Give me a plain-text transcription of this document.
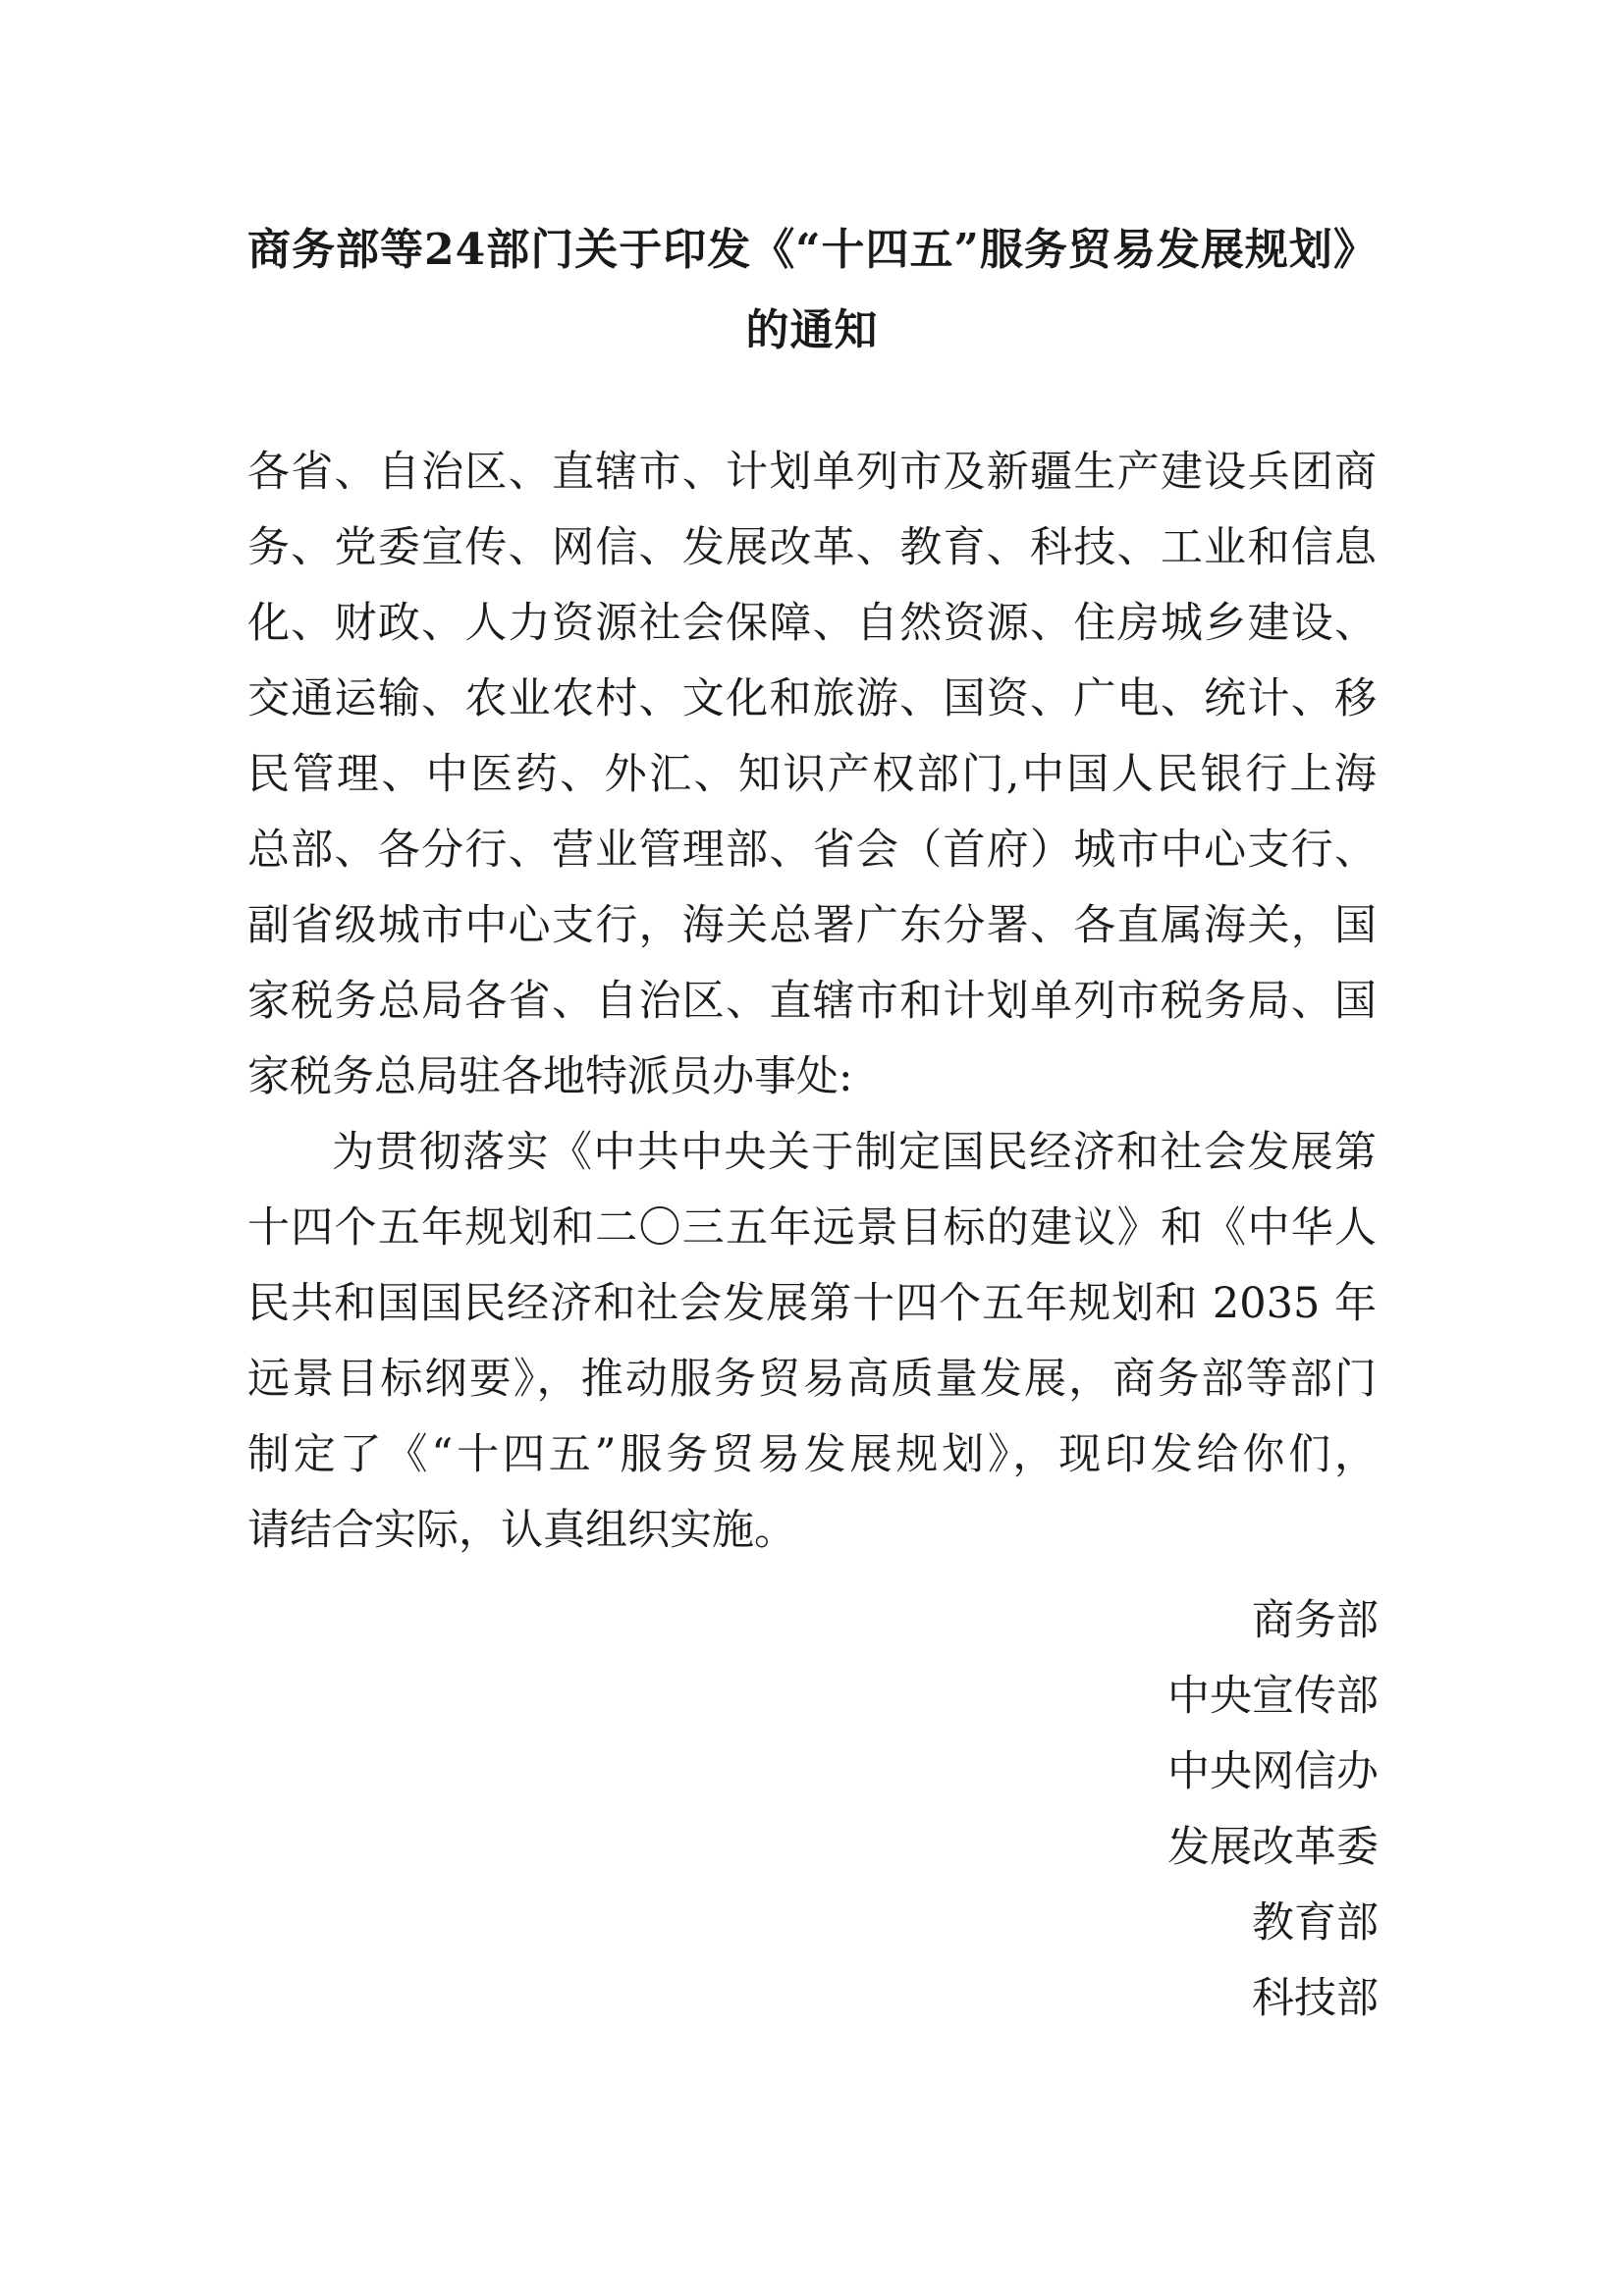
商务部等24部门关于印发《“十四五”服务贸易发展规划》
的通知
各省、自治区、直辖市、计划单列市及新疆生产建设兵团商
务、党委宣传、网信、发展改革、教育、科技、工业和信息
化、财政、人力资源社会保障、自然资源、住房城乡建设、
交通运输、农业农村、文化和旅游、国资、广电、统计、移
民管理、中医药、外汇、知识产权部门,中国人民银行上海
总部、各分行、营业管理部、省会（首府）城市中心支行、
副省级城市中心支行，海关总署广东分署、各直属海关，国
家税务总局各省、自治区、直辖市和计划单列市税务局、国
家税务总局驻各地特派员办事处:
为贯彻落实《中共中央关于制定国民经济和社会发展第
十四个五年规划和二〇三五年远景目标的建议》和《中华人
民共和国国民经济和社会发展第十四个五年规划和 2035 年
远景目标纲要》，推动服务贸易高质量发展，商务部等部门
制定了《“十四五”服务贸易发展规划》，现印发给你们，
请结合实际，认真组织实施。
商务部
中央宣传部
中央网信办
发展改革委
教育部
科技部
